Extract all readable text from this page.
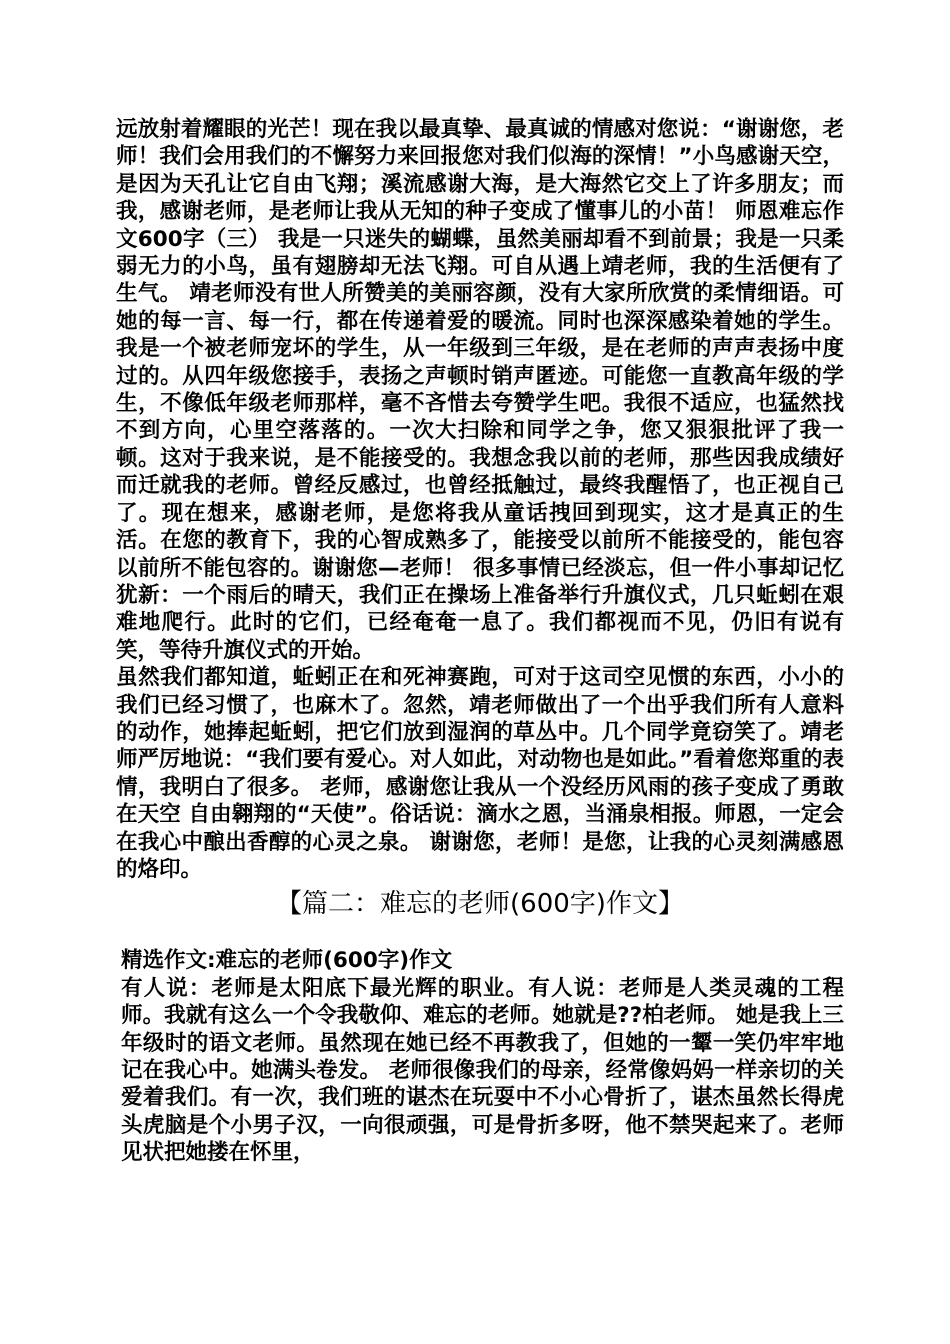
远放射着耀眼的光芒！现在我以最真挚、最真诚的情感对您说：“谢谢您，老师！我们会用我们的不懈努力来回报您对我们似海的深情！”小鸟感谢天空，是因为天孔让它自由飞翔；溪流感谢大海，是大海然它交上了许多朋友；而我，感谢老师，是老师让我从无知的种子变成了懂事儿的小苗！ 师恩难忘作文600字（三） 我是一只迷失的蝴蝶，虽然美丽却看不到前景；我是一只柔弱无力的小鸟，虽有翅膀却无法飞翔。可自从遇上靖老师，我的生活便有了生气。 靖老师没有世人所赞美的美丽容颜，没有大家所欣赏的柔情细语。可她的每一言、每一行，都在传递着爱的暖流。同时也深深感染着她的学生。我是一个被老师宠坏的学生，从一年级到三年级，是在老师的声声表扬中度过的。从四年级您接手，表扬之声顿时销声匿迹。可能您一直教高年级的学生，不像低年级老师那样，毫不吝惜去夸赞学生吧。我很不适应，也猛然找不到方向，心里空落落的。一次大扫除和同学之争，您又狠狠批评了我一顿。这对于我来说，是不能接受的。我想念我以前的老师，那些因我成绩好而迁就我的老师。曾经反感过，也曾经抵触过，最终我醒悟了，也正视自己了。现在想来，感谢老师，是您将我从童话拽回到现实，这才是真正的生活。在您的教育下，我的心智成熟多了，能接受以前所不能接受的，能包容以前所不能包容的。谢谢您—老师！ 很多事情已经淡忘，但一件小事却记忆犹新：一个雨后的晴天，我们正在操场上准备举行升旗仪式，几只蚯蚓在艰难地爬行。此时的它们，已经奄奄一息了。我们都视而不见，仍旧有说有笑，等待升旗仪式的开始。

虽然我们都知道，蚯蚓正在和死神赛跑，可对于这司空见惯的东西，小小的我们已经习惯了，也麻木了。忽然，靖老师做出了一个出乎我们所有人意料的动作，她捧起蚯蚓，把它们放到湿润的草丛中。几个同学竟窃笑了。靖老师严厉地说：“我们要有爱心。对人如此，对动物也是如此。”看着您郑重的表情，我明白了很多。 老师，感谢您让我从一个没经历风雨的孩子变成了勇敢在天空 自由翱翔的“天使”。俗话说：滴水之恩，当涌泉相报。师恩，一定会在我心中酿出香醇的心灵之泉。 谢谢您，老师！是您，让我的心灵刻满感恩的烙印。

【篇二：难忘的老师(600字)作文】

精选作文:难忘的老师(600字)作文

有人说：老师是太阳底下最光辉的职业。有人说：老师是人类灵魂的工程师。我就有这么一个令我敬仰、难忘的老师。她就是??柏老师。 她是我上三年级时的语文老师。虽然现在她已经不再教我了，但她的一颦一笑仍牢牢地记在我心中。她满头卷发。 老师很像我们的母亲，经常像妈妈一样亲切的关爱着我们。有一次，我们班的谌杰在玩耍中不小心骨折了，谌杰虽然长得虎头虎脑是个小男子汉，一向很顽强，可是骨折多呀，他不禁哭起来了。老师见状把她搂在怀里，
